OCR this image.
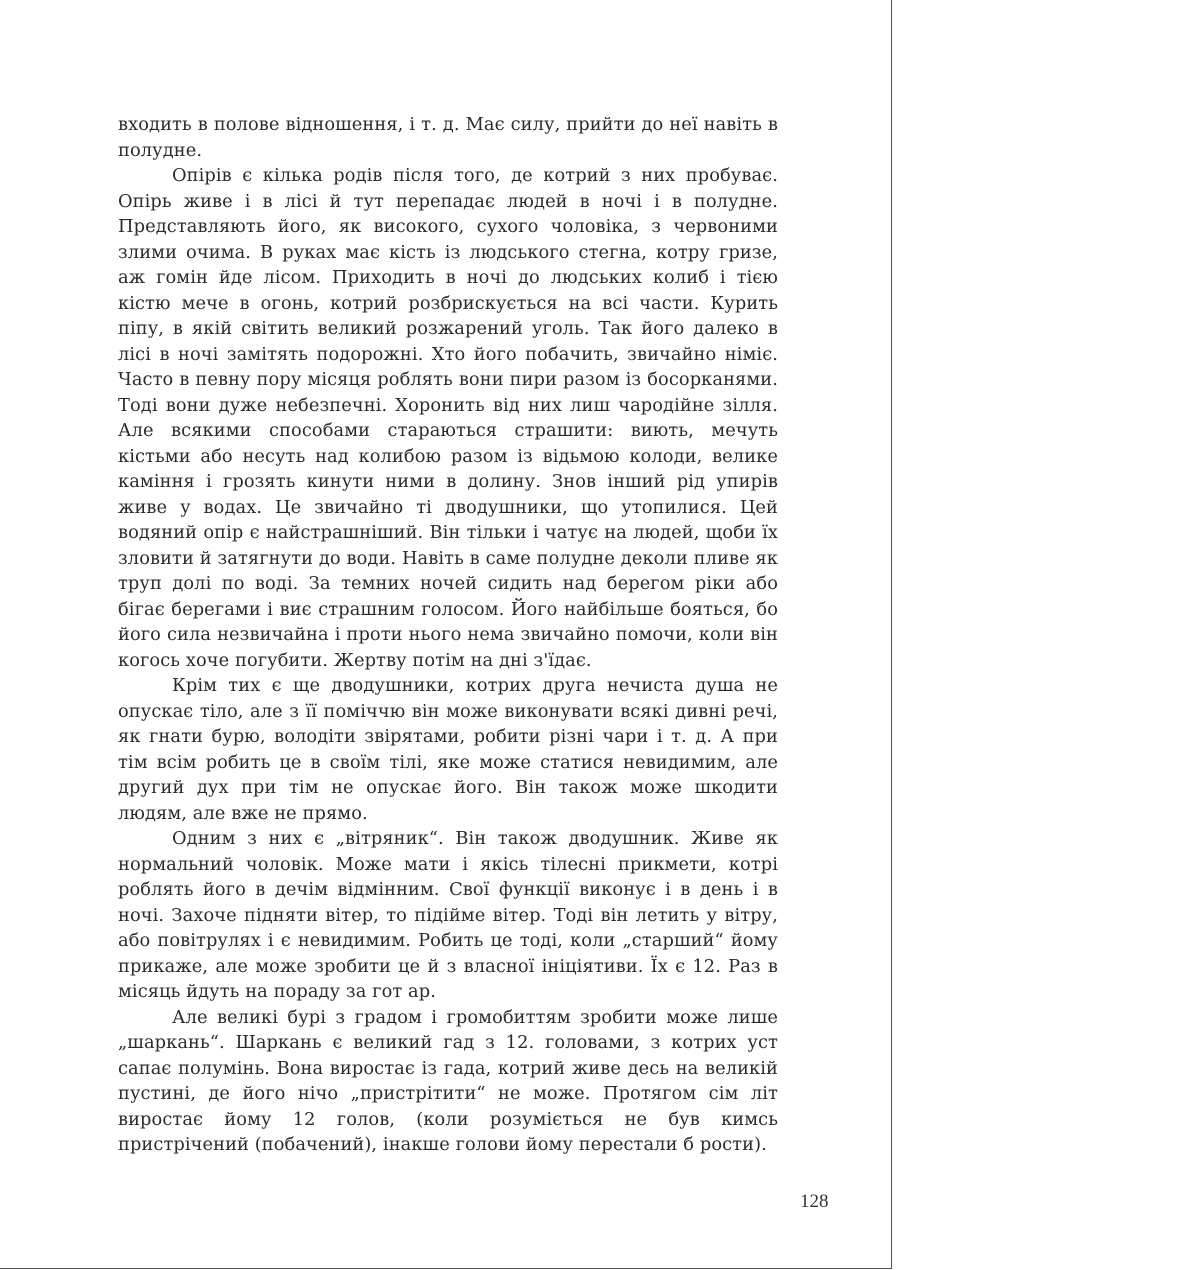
входить в полове відношення, і т. д. Має силу, прийти до неї навіть в полудне.

Опірів є кілька родів після того, де котрий з них пробуває. Опірь живе і в лісі й тут перепадає людей в ночі і в полудне. Представляють його, як високого, сухого чоловіка, з червоними злими очима. В руках має кість із людського стегна, котру гризе, аж гомін йде лісом. Приходить в ночі до людських колиб і тією кістю мече в огонь, котрий розбрискується на всі части. Курить піпу, в якій світить великий розжарений уголь. Так його далеко в лісі в ночі замітять подорожні. Хто його побачить, звичайно німіє. Часто в певну пору місяця роблять вони пири разом із босорканями. Тоді вони дуже небезпечні. Хоронить від них лиш чародійне зілля. Але всякими способами стараються страшити: виють, мечуть кістьми або несуть над колибою разом із відьмою колоди, велике каміння і грозять кинути ними в долину. Знов інший рід упирів живе у водах. Це звичайно ті дводушники, що утопилися. Цей водяний опір є найстрашніший. Він тільки і чатує на людей, щоби їх зловити й затягнути до води. Навіть в саме полудне деколи пливе як труп долі по воді. За темних ночей сидить над берегом ріки або бігає берегами і виє страшним голосом. Його найбільше бояться, бо його сила незвичайна і проти нього нема звичайно помочи, коли він когось хоче погубити. Жертву потім на дні з'їдає.

Крім тих є ще дводушники, котрих друга нечиста душа не опускає тіло, але з її поміччю він може виконувати всякі дивні речі, як гнати бурю, володіти звірятами, робити різні чари і т. д. А при тім всім робить це в своїм тілі, яке може статися невидимим, але другий дух при тім не опускає його. Він також може шкодити людям, але вже не прямо.

Одним з них є „вітряник“. Він також дводушник. Живе як нормальний чоловік. Може мати і якісь тілесні прикмети, котрі роблять його в дечім відмінним. Свої функції виконує і в день і в ночі. Захоче підняти вітер, то підійме вітер. Тоді він летить у вітру, або повітрулях і є невидимим. Робить це тоді, коли „старший“ йому прикаже, але може зробити це й з власної ініціятиви. Їх є 12. Раз в місяць йдуть на пораду за гот ар.

Але великі бурі з градом і громобиттям зробити може лише „шаркань“. Шаркань є великий гад з 12. головами, з котрих уст сапає полумінь. Вона виростає із гада, котрий живе десь на великій пустині, де його нічо „пристрітити“ не може. Протягом сім літ виростає йому 12 голов, (коли розуміється не був кимсь пристрічений (побачений), інакше голови йому перестали б рости).

128
